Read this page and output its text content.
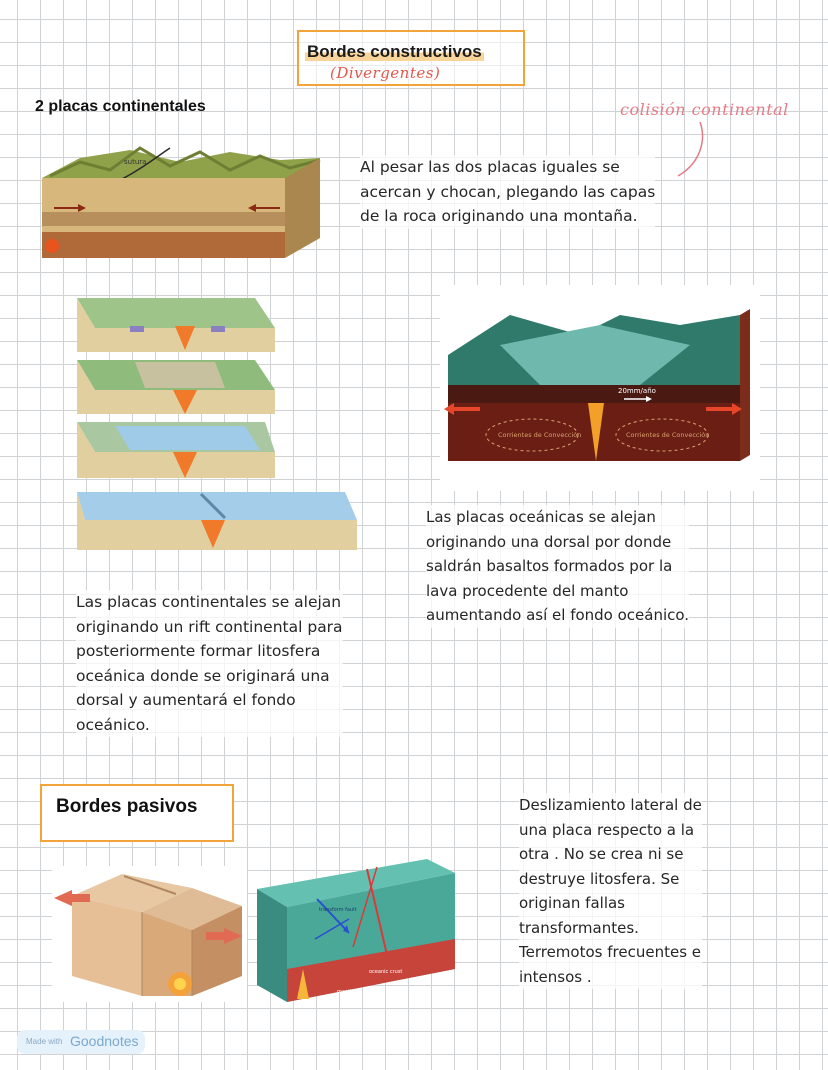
Bordes constructivos
(Divergentes)
2 placas continentales	colisión continental
sutura	Al pesar las dos placas iguales se
acercan y chocan, plegando las capas
de la roca originando una montaña.
20mm/año
Corrientes de Convección	Corrientes de Convección
Las placas oceánicas se alejan
originando una dorsal por donde
saldrán basaltos formados por la
lava procedente del manto
aumentando así el fondo oceánico.
Las placas continentales se alejan
originando un rift continental para
posteriormente formar litosfera
oceánica donde se originará una
dorsal y aumentará el fondo
oceánico.
Bordes pasivos
transform fault
oceanic crust
mantle
Deslizamiento lateral de
una placa respecto a la
otra . No se crea ni se
destruye litosfera. Se
originan fallas
transformantes.
Terremotos frecuentes e
intensos .
Made with Goodnotes
